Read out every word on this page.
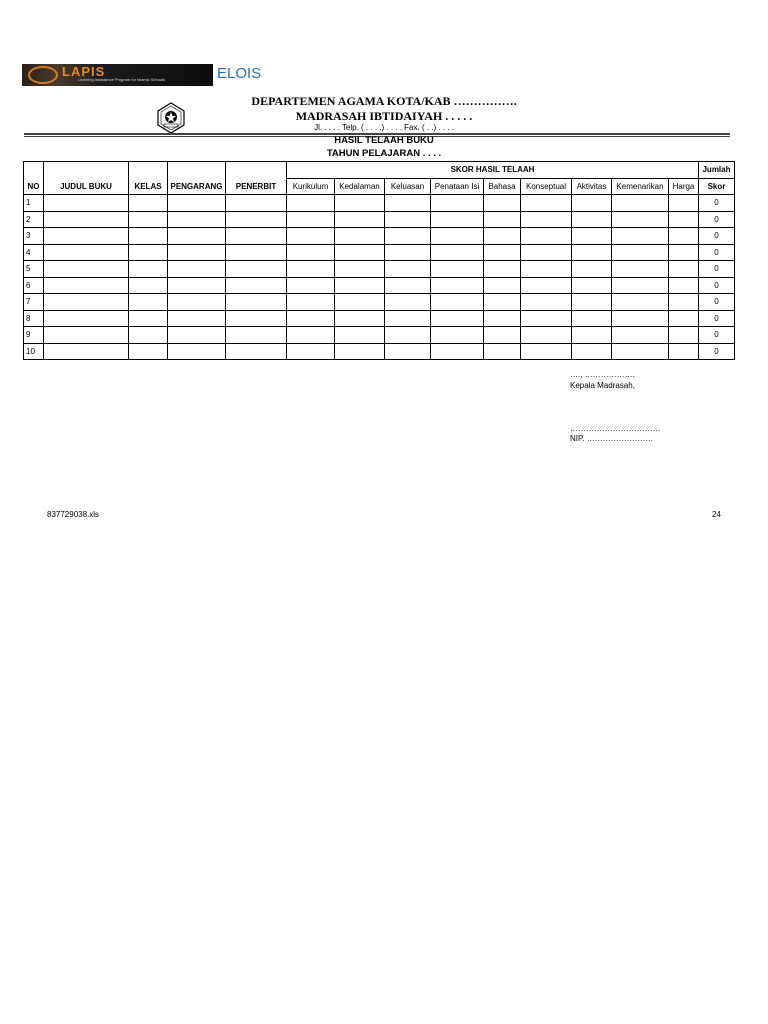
LAPIS
Learning Assistance Program for Islamic Schools	ELOIS
DEPARTEMEN AGAMA KOTA/KAB …………….
MADRASAH IBTIDAIYAH . . . . .
Jl. . . . . Telp. ( . . . .) . . . . Fax. ( . .) . . . .
HASIL TELAAH BUKU
TAHUN PELAJARAN . . . .
NO	JUDUL BUKU	KELAS	PENGARANG	PENERBIT	SKOR HASIL TELAAH									Jumlah
					Kurikulum	Kedalaman	Keluasan	Penataan Isi	Bahasa	Konseptual	Aktivitas	Kemenarikan	Harga	Skor
1														0
2														0
3														0
4														0
5														0
6														0
7														0
8														0
9														0
10														0
…., ……………….
Kepala Madrasah,
…………………………….
NIP. …………………….
837729038.xls	24
